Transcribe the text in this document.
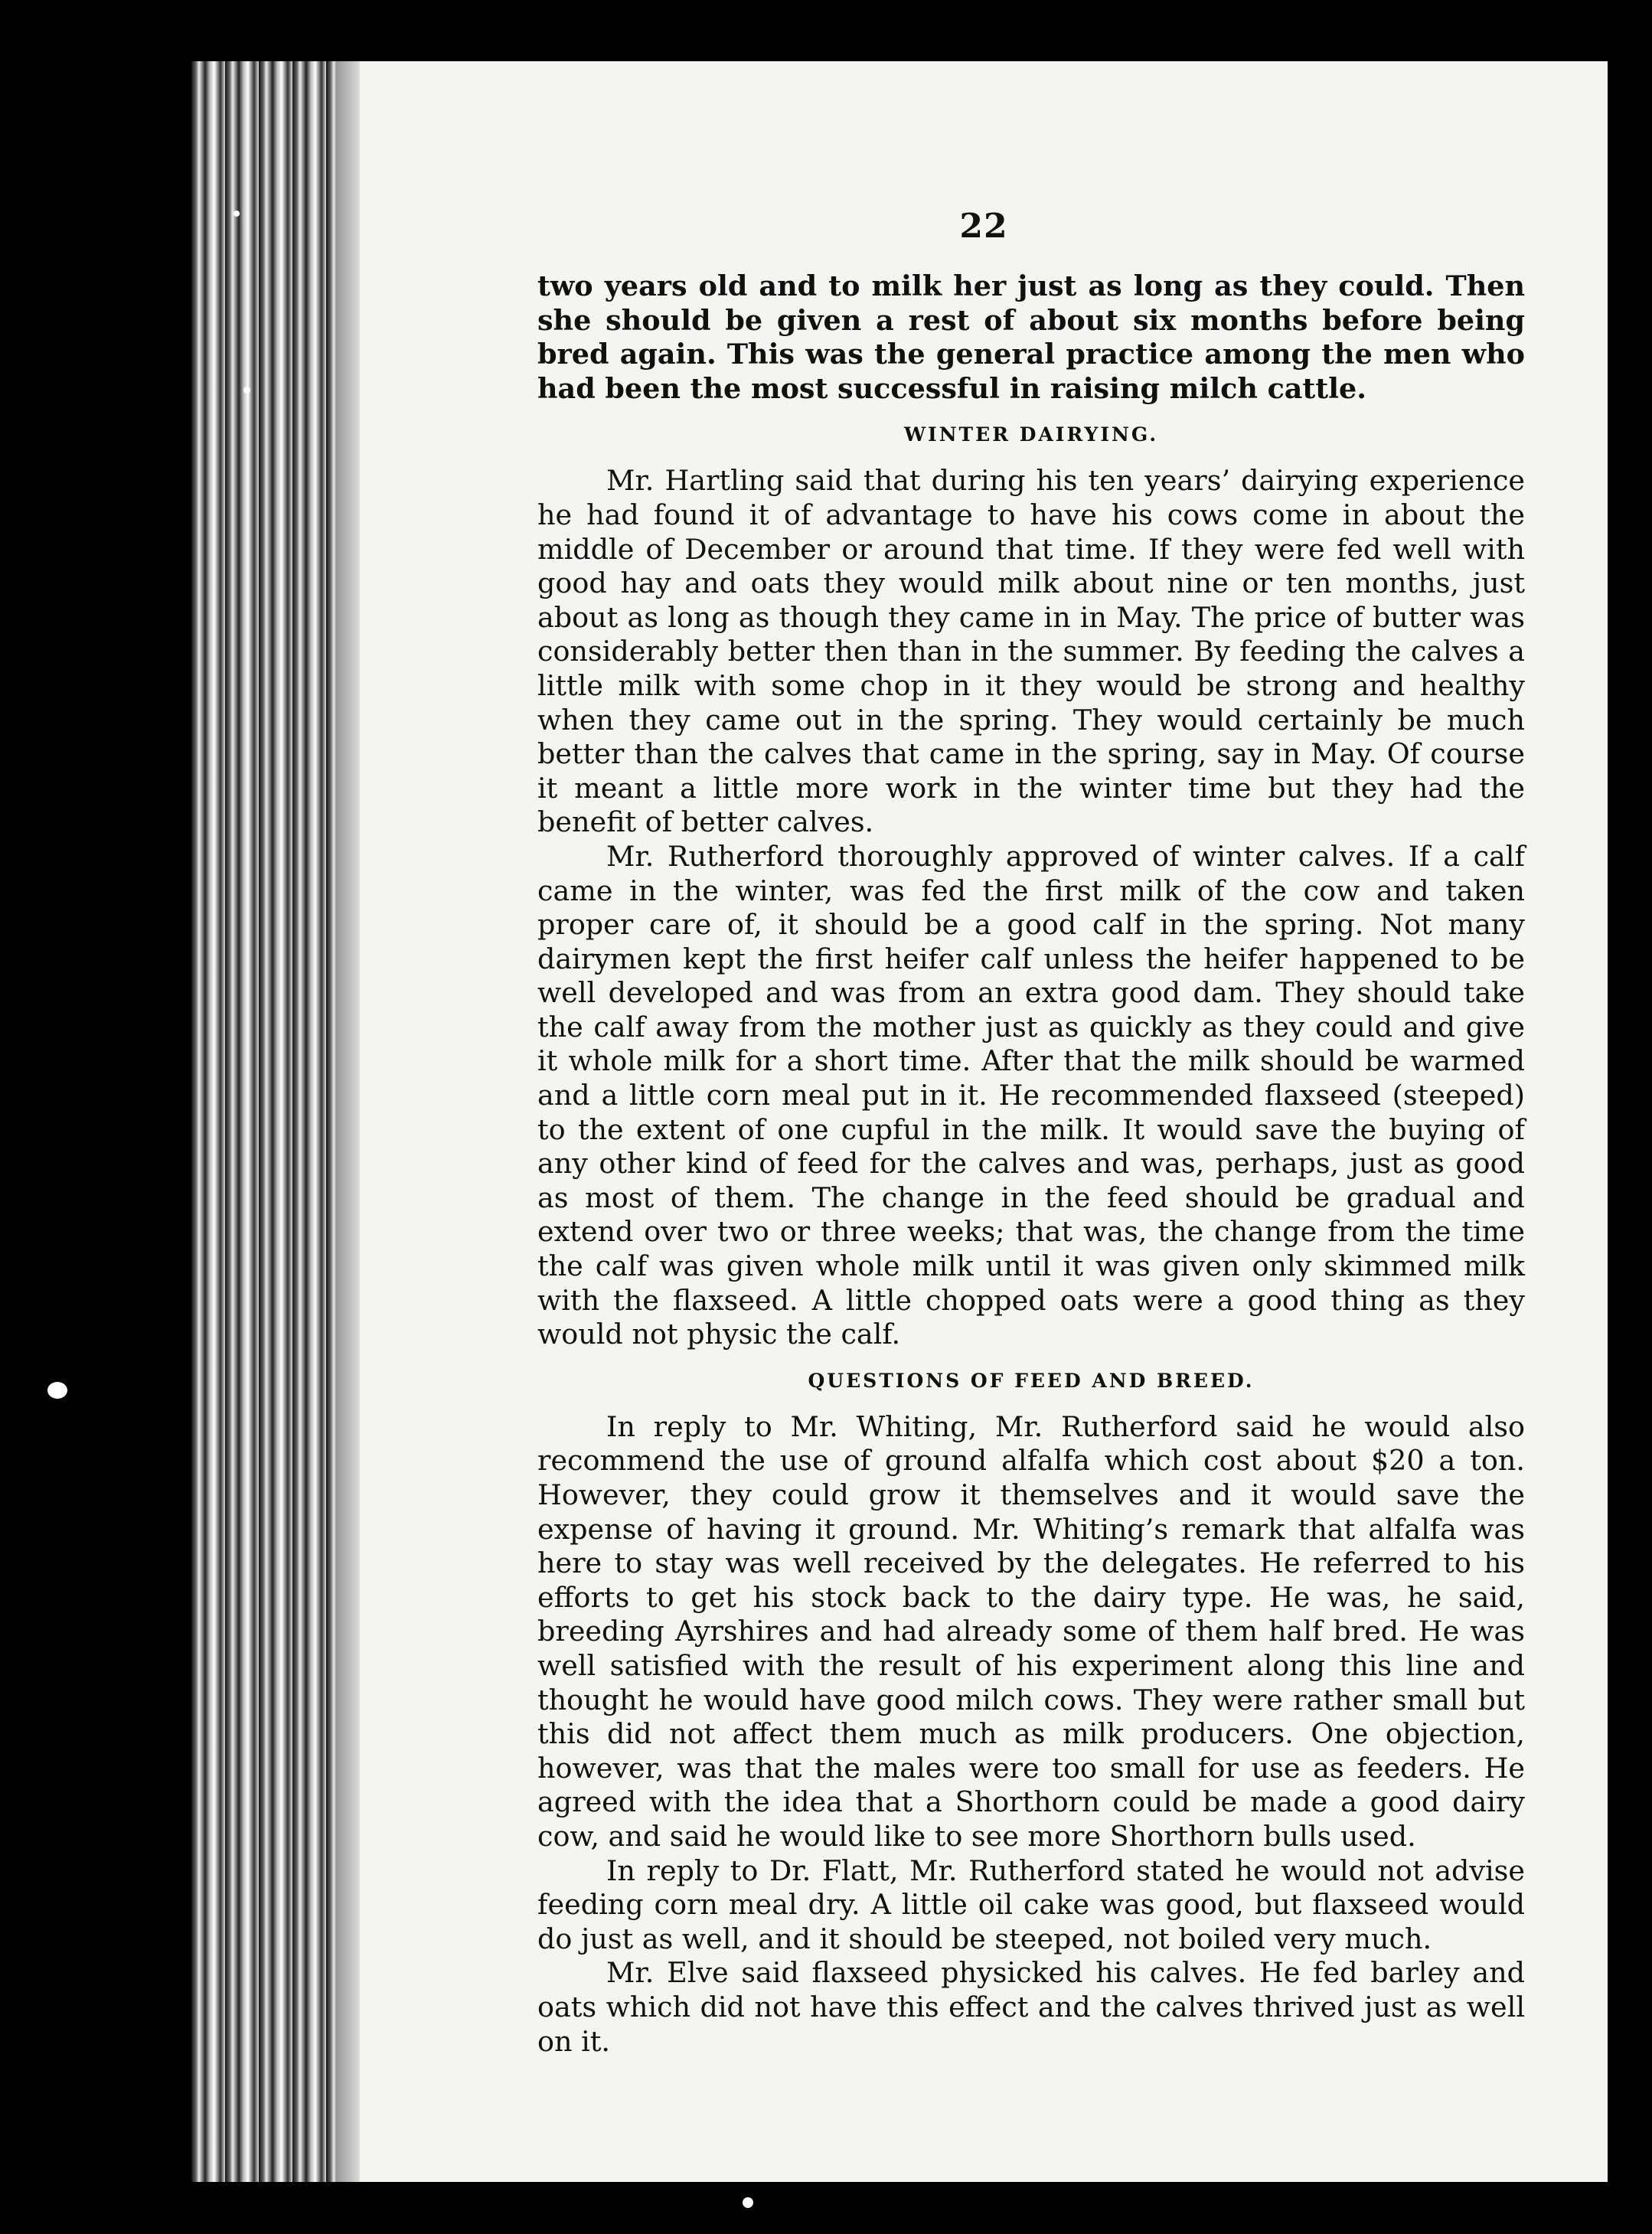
22

two years old and to milk her just as long as they could. Then she should be given a rest of about six months before being bred again. This was the general practice among the men who had been the most successful in raising milch cattle.

WINTER DAIRYING.

Mr. Hartling said that during his ten years’ dairying experience he had found it of advantage to have his cows come in about the middle of December or around that time. If they were fed well with good hay and oats they would milk about nine or ten months, just about as long as though they came in in May. The price of butter was considerably better then than in the summer. By feeding the calves a little milk with some chop in it they would be strong and healthy when they came out in the spring. They would certainly be much better than the calves that came in the spring, say in May. Of course it meant a little more work in the winter time but they had the benefit of better calves.

Mr. Rutherford thoroughly approved of winter calves. If a calf came in the winter, was fed the first milk of the cow and taken proper care of, it should be a good calf in the spring. Not many dairymen kept the first heifer calf unless the heifer happened to be well developed and was from an extra good dam. They should take the calf away from the mother just as quickly as they could and give it whole milk for a short time. After that the milk should be warmed and a little corn meal put in it. He recommended flaxseed (steeped) to the extent of one cupful in the milk. It would save the buying of any other kind of feed for the calves and was, perhaps, just as good as most of them. The change in the feed should be gradual and extend over two or three weeks; that was, the change from the time the calf was given whole milk until it was given only skimmed milk with the flaxseed. A little chopped oats were a good thing as they would not physic the calf.

QUESTIONS OF FEED AND BREED.

In reply to Mr. Whiting, Mr. Rutherford said he would also recommend the use of ground alfalfa which cost about $20 a ton. However, they could grow it themselves and it would save the expense of having it ground. Mr. Whiting’s remark that alfalfa was here to stay was well received by the delegates. He referred to his efforts to get his stock back to the dairy type. He was, he said, breeding Ayrshires and had already some of them half bred. He was well satisfied with the result of his experiment along this line and thought he would have good milch cows. They were rather small but this did not affect them much as milk producers. One objection, however, was that the males were too small for use as feeders. He agreed with the idea that a Shorthorn could be made a good dairy cow, and said he would like to see more Shorthorn bulls used.

In reply to Dr. Flatt, Mr. Rutherford stated he would not advise feeding corn meal dry. A little oil cake was good, but flaxseed would do just as well, and it should be steeped, not boiled very much.

Mr. Elve said flaxseed physicked his calves. He fed barley and oats which did not have this effect and the calves thrived just as well on it.
